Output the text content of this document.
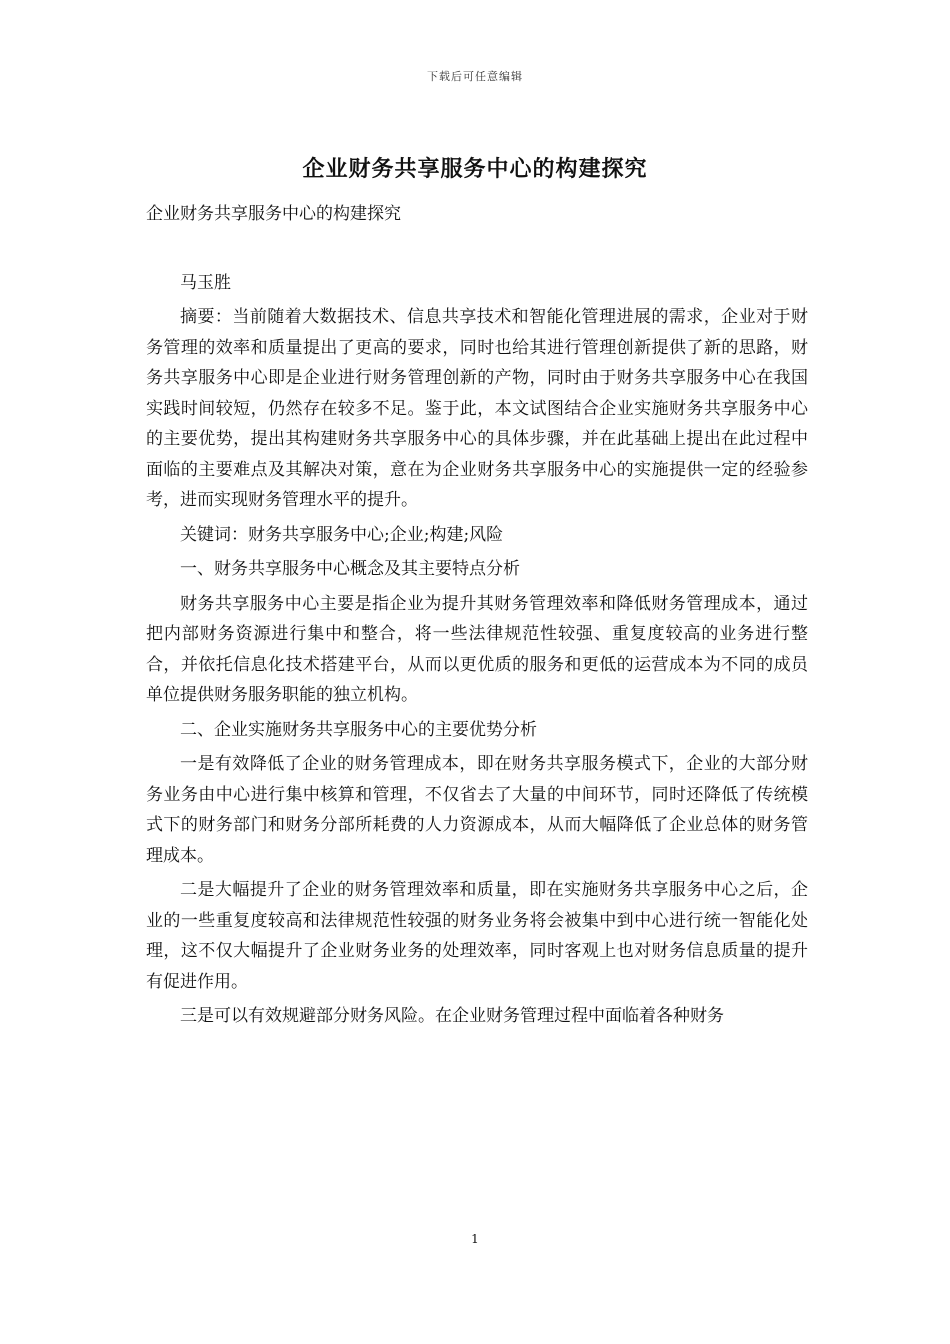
下载后可任意编辑
企业财务共享服务中心的构建探究

企业财务共享服务中心的构建探究

马玉胜

摘要：当前随着大数据技术、信息共享技术和智能化管理进展的需求，企业对于财务管理的效率和质量提出了更高的要求，同时也给其进行管理创新提供了新的思路，财务共享服务中心即是企业进行财务管理创新的产物，同时由于财务共享服务中心在我国实践时间较短，仍然存在较多不足。鉴于此，本文试图结合企业实施财务共享服务中心的主要优势，提出其构建财务共享服务中心的具体步骤，并在此基础上提出在此过程中面临的主要难点及其解决对策，意在为企业财务共享服务中心的实施提供一定的经验参考，进而实现财务管理水平的提升。

关键词：财务共享服务中心;企业;构建;风险

一、财务共享服务中心概念及其主要特点分析

财务共享服务中心主要是指企业为提升其财务管理效率和降低财务管理成本，通过把内部财务资源进行集中和整合，将一些法律规范性较强、重复度较高的业务进行整合，并依托信息化技术搭建平台，从而以更优质的服务和更低的运营成本为不同的成员单位提供财务服务职能的独立机构。

二、企业实施财务共享服务中心的主要优势分析

一是有效降低了企业的财务管理成本，即在财务共享服务模式下，企业的大部分财务业务由中心进行集中核算和管理，不仅省去了大量的中间环节，同时还降低了传统模式下的财务部门和财务分部所耗费的人力资源成本，从而大幅降低了企业总体的财务管理成本。

二是大幅提升了企业的财务管理效率和质量，即在实施财务共享服务中心之后，企业的一些重复度较高和法律规范性较强的财务业务将会被集中到中心进行统一智能化处理，这不仅大幅提升了企业财务业务的处理效率，同时客观上也对财务信息质量的提升有促进作用。

三是可以有效规避部分财务风险。在企业财务管理过程中面临着各种财务

1
